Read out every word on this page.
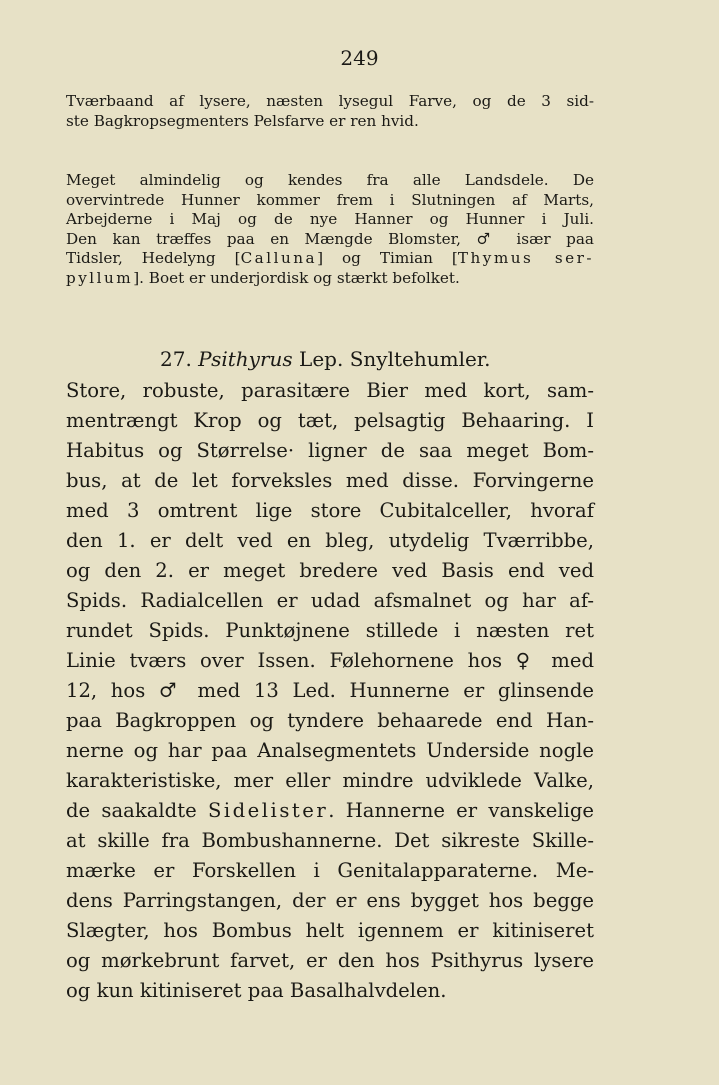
249
Tværbaand af lysere, næsten lysegul Farve, og de 3 sid-
ste Bagkropsegmenters Pelsfarve er ren hvid.
Meget almindelig og kendes fra alle Landsdele. De
overvintrede Hunner kommer frem i Slutningen af Marts,
Arbejderne i Maj og de nye Hanner og Hunner i Juli.
Den kan træffes paa en Mængde Blomster, ♂ især paa
Tidsler, Hedelyng [Calluna] og Timian [Thymus ser-
pyllum]. Boet er underjordisk og stærkt befolket.
27. Psithyrus Lep. Snyltehumler.
Store, robuste, parasitære Bier med kort, sam-
mentrængt Krop og tæt, pelsagtig Behaaring. I
Habitus og Størrelse· ligner de saa meget Bom-
bus, at de let forveksles med disse. Forvingerne
med 3 omtrent lige store Cubitalceller, hvoraf
den 1. er delt ved en bleg, utydelig Tværribbe,
og den 2. er meget bredere ved Basis end ved
Spids. Radialcellen er udad afsmalnet og har af-
rundet Spids. Punktøjnene stillede i næsten ret
Linie tværs over Issen. Følehornene hos ♀ med
12, hos ♂ med 13 Led. Hunnerne er glinsende
paa Bagkroppen og tyndere behaarede end Han-
nerne og har paa Analsegmentets Underside nogle
karakteristiske, mer eller mindre udviklede Valke,
de saakaldte Sidelister. Hannerne er vanskelige
at skille fra Bombushannerne. Det sikreste Skille-
mærke er Forskellen i Genitalapparaterne. Me-
dens Parringstangen, der er ens bygget hos begge
Slægter, hos Bombus helt igennem er kitiniseret
og mørkebrunt farvet, er den hos Psithyrus lysere
og kun kitiniseret paa Basalhalvdelen.
